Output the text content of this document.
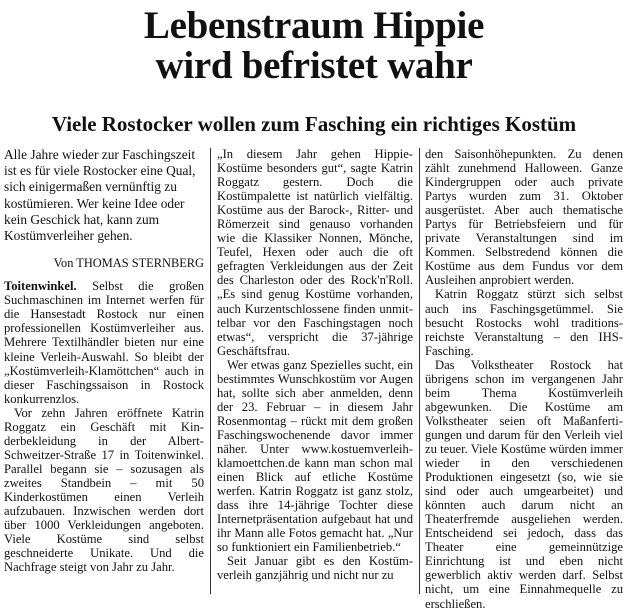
Lebenstraum Hippie
wird befristet wahr
Viele Rostocker wollen zum Fasching ein richtiges Kostüm

Alle Jahre wieder zur Faschingszeit ist es für viele Rostocker eine Qual, sich einigermaßen vernünftig zu kostümieren. Wer keine Idee oder kein Geschick hat, kann zum Kostümverleiher gehen.

Von THOMAS STERNBERG

Toitenwinkel. Selbst die großen Suchmaschinen im Internet werfen für die Hansestadt Rostock nur einen professionellen Kostümverleiher aus. Mehrere Textilhändler bieten nur eine kleine Verleih-Auswahl. So bleibt der „Kostümverleih-Klamöttchen“ auch in dieser Faschingssaison in Rostock konkurrenzlos.

Vor zehn Jahren eröffnete Katrin Roggatz ein Geschäft mit Kinderbekleidung in der Albert-Schweitzer-Straße 17 in Toitenwinkel. Parallel begann sie – sozusagen als zweites Standbein – mit 50 Kinderkostümen einen Verleih aufzubauen. Inzwischen werden dort über 1000 Verkleidungen angeboten. Viele Kostüme sind selbst geschneiderte Unikate. Und die Nachfrage steigt von Jahr zu Jahr.

„In diesem Jahr gehen Hippie-Kostüme besonders gut“, sagte Katrin Roggatz gestern. Doch die Kostümpalette ist natürlich vielfältig. Kostüme aus der Barock-, Ritter- und Römerzeit sind genauso vorhanden wie die Klassiker Nonnen, Mönche, Teufel, Hexen oder auch die oft gefragten Verkleidungen aus der Zeit des Charleston oder des Rock'n'Roll. „Es sind genug Kostüme vorhanden, auch Kurzentschlossene finden unmittelbar vor den Faschingstagen noch etwas“, verspricht die 37-jährige Geschäftsfrau.

Wer etwas ganz Spezielles sucht, ein bestimmtes Wunschkostüm vor Augen hat, sollte sich aber anmelden, denn der 23. Februar – in diesem Jahr Rosenmontag – rückt mit dem großen Faschingswochenende davor immer näher. Unter www.kostuemverleih-klamoettchen.de kann man schon mal einen Blick auf etliche Kostüme werfen. Katrin Roggatz ist ganz stolz, dass ihre 14-jährige Tochter diese Internetpräsentation aufgebaut hat und ihr Mann alle Fotos gemacht hat. „Nur so funktioniert ein Familienbetrieb.“

Seit Januar gibt es den Kostümverleih ganzjährig und nicht nur zu

den Saisonhöhepunkten. Zu denen zählt zunehmend Halloween. Ganze Kindergruppen oder auch private Partys wurden zum 31. Oktober ausgerüstet. Aber auch thematische Partys für Betriebsfeiern und für private Veranstaltungen sind im Kommen. Selbstredend können die Kostüme aus dem Fundus vor dem Ausleihen anprobiert werden.

Katrin Roggatz stürzt sich selbst auch ins Faschingsgetümmel. Sie besucht Rostocks wohl traditionsreichste Veranstaltung – den IHS-Fasching.

Das Volkstheater Rostock hat übrigens schon im vergangenen Jahr beim Thema Kostümverleih abgewunken. Die Kostüme am Volkstheater seien oft Maßanfertigungen und darum für den Verleih viel zu teuer. Viele Kostüme würden immer wieder in den verschiedenen Produktionen eingesetzt (so, wie sie sind oder auch umgearbeitet) und könnten auch darum nicht an Theaterfremde ausgeliehen werden. Entscheidend sei jedoch, dass das Theater eine gemeinnützige Einrichtung ist und eben nicht gewerblich aktiv werden darf. Selbst nicht, um eine Einnahmequelle zu erschließen.
